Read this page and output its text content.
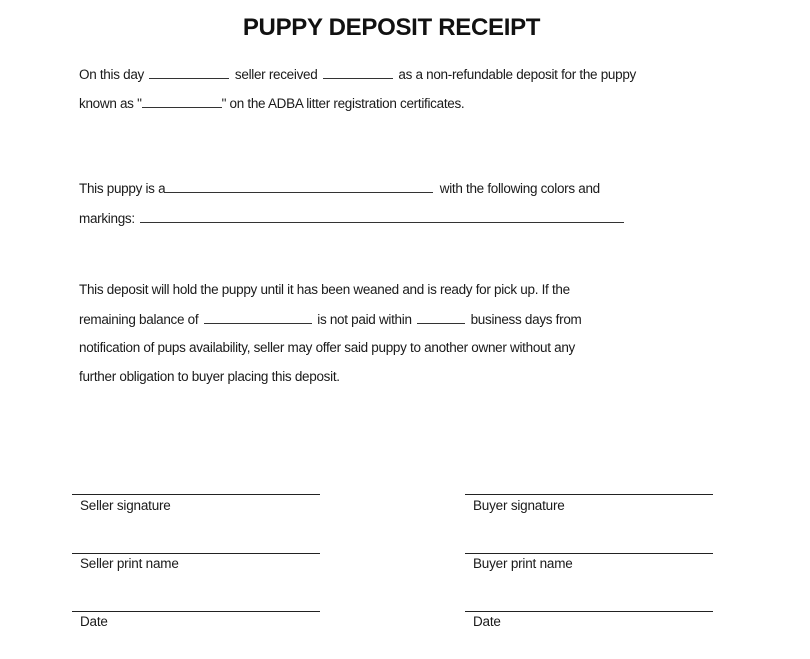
PUPPY DEPOSIT RECEIPT
On this day	seller received	as a non-refundable deposit for the puppy
known as "	" on the ADBA litter registration certificates.
This puppy is a	with the following colors and
markings:
This deposit will hold the puppy until it has been weaned and is ready for pick up. If the
remaining balance of	is not paid within	business days from
notification of pups availability, seller may offer said puppy to another owner without any
further obligation to buyer placing this deposit.
Seller signature	Buyer signature
Seller print name	Buyer print name
Date	Date
